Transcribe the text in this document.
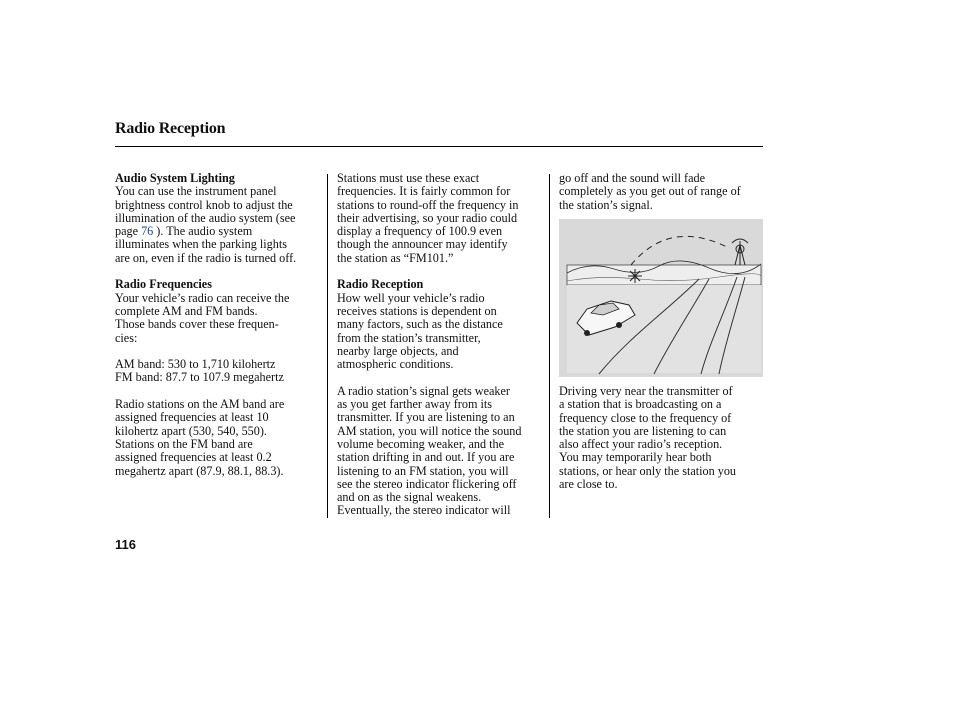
Radio Reception
Audio System Lighting
You can use the instrument panel
brightness control knob to adjust the
illumination of the audio system (see
page 76 ). The audio system
illuminates when the parking lights
are on, even if the radio is turned off.
Radio Frequencies
Your vehicle’s radio can receive the
complete AM and FM bands.
Those bands cover these frequen-
cies:
AM band: 530 to 1,710 kilohertz
FM band: 87.7 to 107.9 megahertz
Radio stations on the AM band are
assigned frequencies at least 10
kilohertz apart (530, 540, 550).
Stations on the FM band are
assigned frequencies at least 0.2
megahertz apart (87.9, 88.1, 88.3).
Stations must use these exact
frequencies. It is fairly common for
stations to round-off the frequency in
their advertising, so your radio could
display a frequency of 100.9 even
though the announcer may identify
the station as “FM101.”
Radio Reception
How well your vehicle’s radio
receives stations is dependent on
many factors, such as the distance
from the station’s transmitter,
nearby large objects, and
atmospheric conditions.
A radio station’s signal gets weaker
as you get farther away from its
transmitter. If you are listening to an
AM station, you will notice the sound
volume becoming weaker, and the
station drifting in and out. If you are
listening to an FM station, you will
see the stereo indicator flickering off
and on as the signal weakens.
Eventually, the stereo indicator will
go off and the sound will fade
completely as you get out of range of
the station’s signal.
Driving very near the transmitter of
a station that is broadcasting on a
frequency close to the frequency of
the station you are listening to can
also affect your radio’s reception.
You may temporarily hear both
stations, or hear only the station you
are close to.
116
